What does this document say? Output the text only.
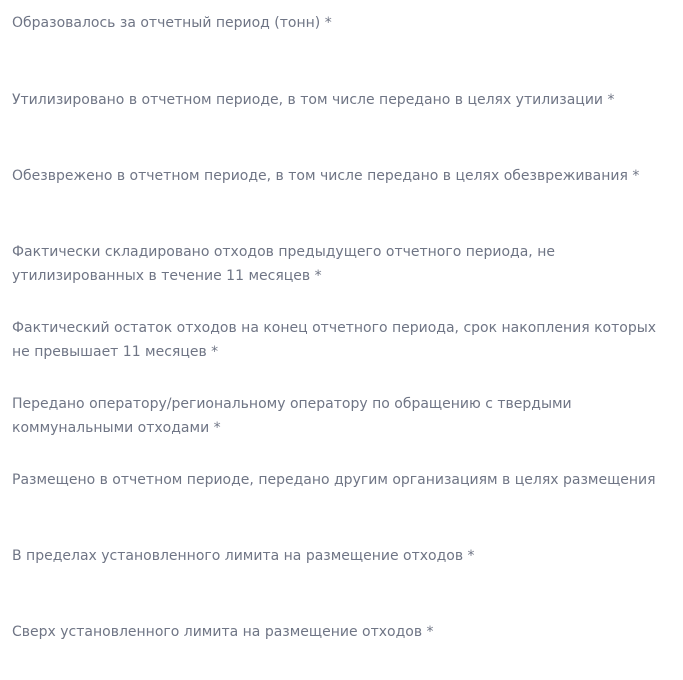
Образовалось за отчетный период (тонн) *
Утилизировано в отчетном периоде, в том числе передано в целях утилизации *
Обезврежено в отчетном периоде, в том числе передано в целях обезвреживания *
Фактически складировано отходов предыдущего отчетного периода, не утилизированных в течение 11 месяцев *
Фактический остаток отходов на конец отчетного периода, срок накопления которых не превышает 11 месяцев *
Передано оператору/региональному оператору по обращению с твердыми коммунальными отходами *
Размещено в отчетном периоде, передано другим организациям в целях размещения
В пределах установленного лимита на размещение отходов *
Сверх установленного лимита на размещение отходов *
